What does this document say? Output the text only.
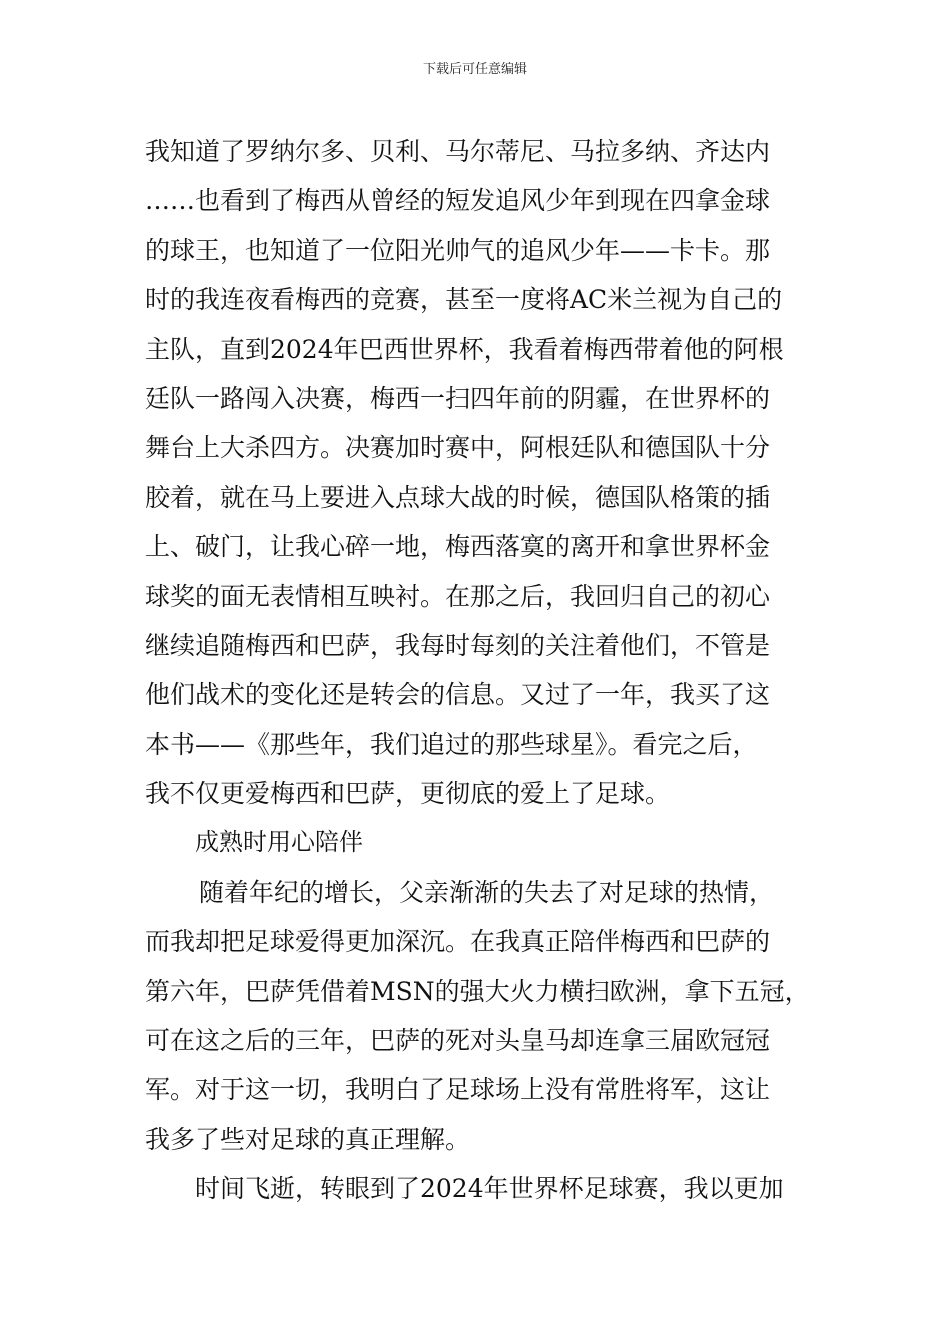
下载后可任意编辑
我知道了罗纳尔多、贝利、马尔蒂尼、马拉多纳、齐达内
……也看到了梅西从曾经的短发追风少年到现在四拿金球
的球王，也知道了一位阳光帅气的追风少年——卡卡。那
时的我连夜看梅西的竞赛，甚至一度将AC米兰视为自己的
主队，直到2024年巴西世界杯，我看着梅西带着他的阿根
廷队一路闯入决赛，梅西一扫四年前的阴霾，在世界杯的
舞台上大杀四方。决赛加时赛中，阿根廷队和德国队十分
胶着，就在马上要进入点球大战的时候，德国队格策的插
上、破门，让我心碎一地，梅西落寞的离开和拿世界杯金
球奖的面无表情相互映衬。在那之后，我回归自己的初心
继续追随梅西和巴萨，我每时每刻的关注着他们，不管是
他们战术的变化还是转会的信息。又过了一年，我买了这
本书——《那些年，我们追过的那些球星》。看完之后，
我不仅更爱梅西和巴萨，更彻底的爱上了足球。
成熟时用心陪伴
随着年纪的增长，父亲渐渐的失去了对足球的热情，
而我却把足球爱得更加深沉。在我真正陪伴梅西和巴萨的
第六年，巴萨凭借着MSN的强大火力横扫欧洲，拿下五冠，
可在这之后的三年，巴萨的死对头皇马却连拿三届欧冠冠
军。对于这一切，我明白了足球场上没有常胜将军，这让
我多了些对足球的真正理解。
时间飞逝，转眼到了2024年世界杯足球赛，我以更加
